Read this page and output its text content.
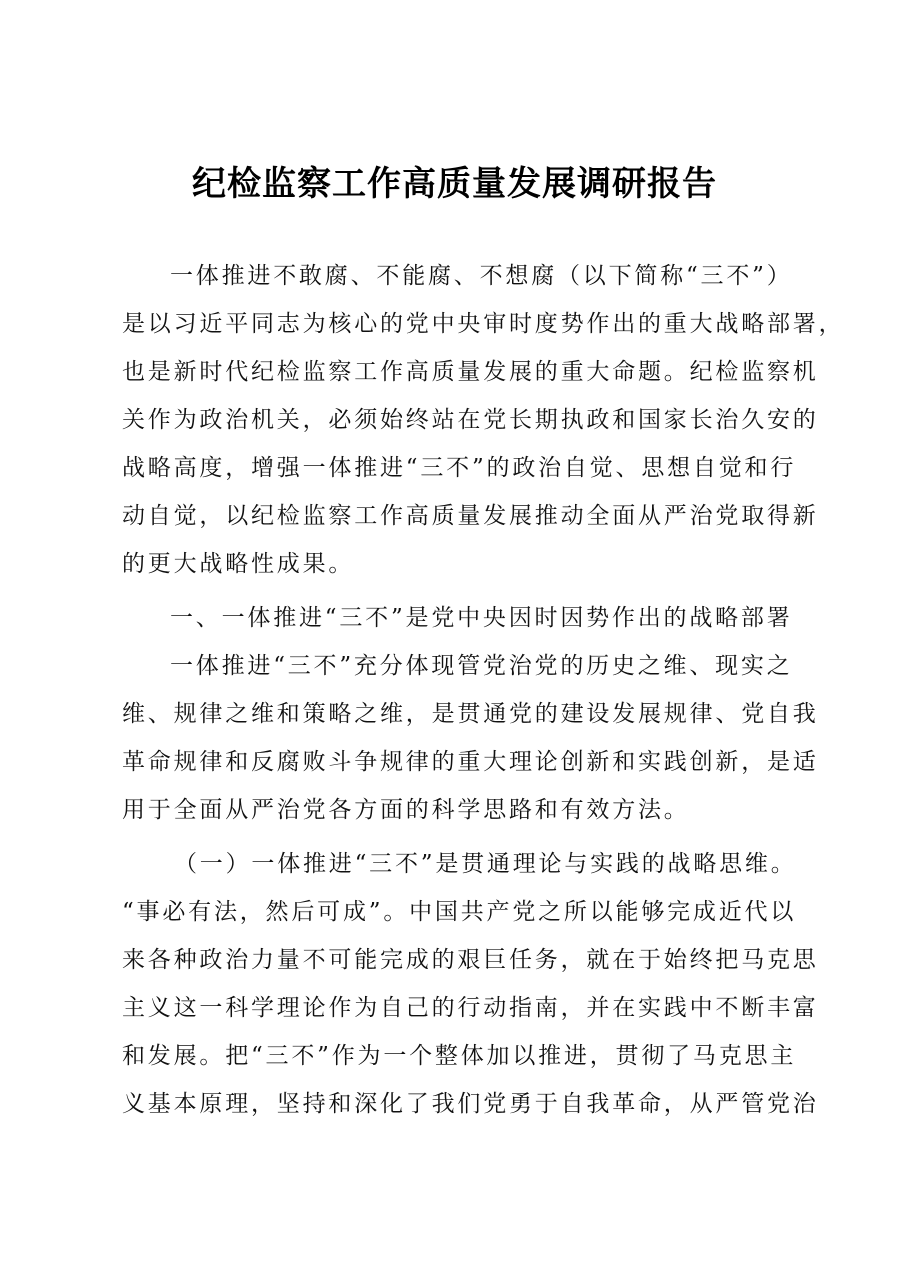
纪检监察工作高质量发展调研报告
一体推进不敢腐、不能腐、不想腐（以下简称“三不”）
是以习近平同志为核心的党中央审时度势作出的重大战略部署，
也是新时代纪检监察工作高质量发展的重大命题。纪检监察机
关作为政治机关，必须始终站在党长期执政和国家长治久安的
战略高度，增强一体推进“三不”的政治自觉、思想自觉和行
动自觉，以纪检监察工作高质量发展推动全面从严治党取得新
的更大战略性成果。
一、一体推进“三不”是党中央因时因势作出的战略部署
一体推进“三不”充分体现管党治党的历史之维、现实之
维、规律之维和策略之维，是贯通党的建设发展规律、党自我
革命规律和反腐败斗争规律的重大理论创新和实践创新，是适
用于全面从严治党各方面的科学思路和有效方法。
（一）一体推进“三不”是贯通理论与实践的战略思维。
“事必有法，然后可成”。中国共产党之所以能够完成近代以
来各种政治力量不可能完成的艰巨任务，就在于始终把马克思
主义这一科学理论作为自己的行动指南，并在实践中不断丰富
和发展。把“三不”作为一个整体加以推进，贯彻了马克思主
义基本原理，坚持和深化了我们党勇于自我革命，从严管党治
